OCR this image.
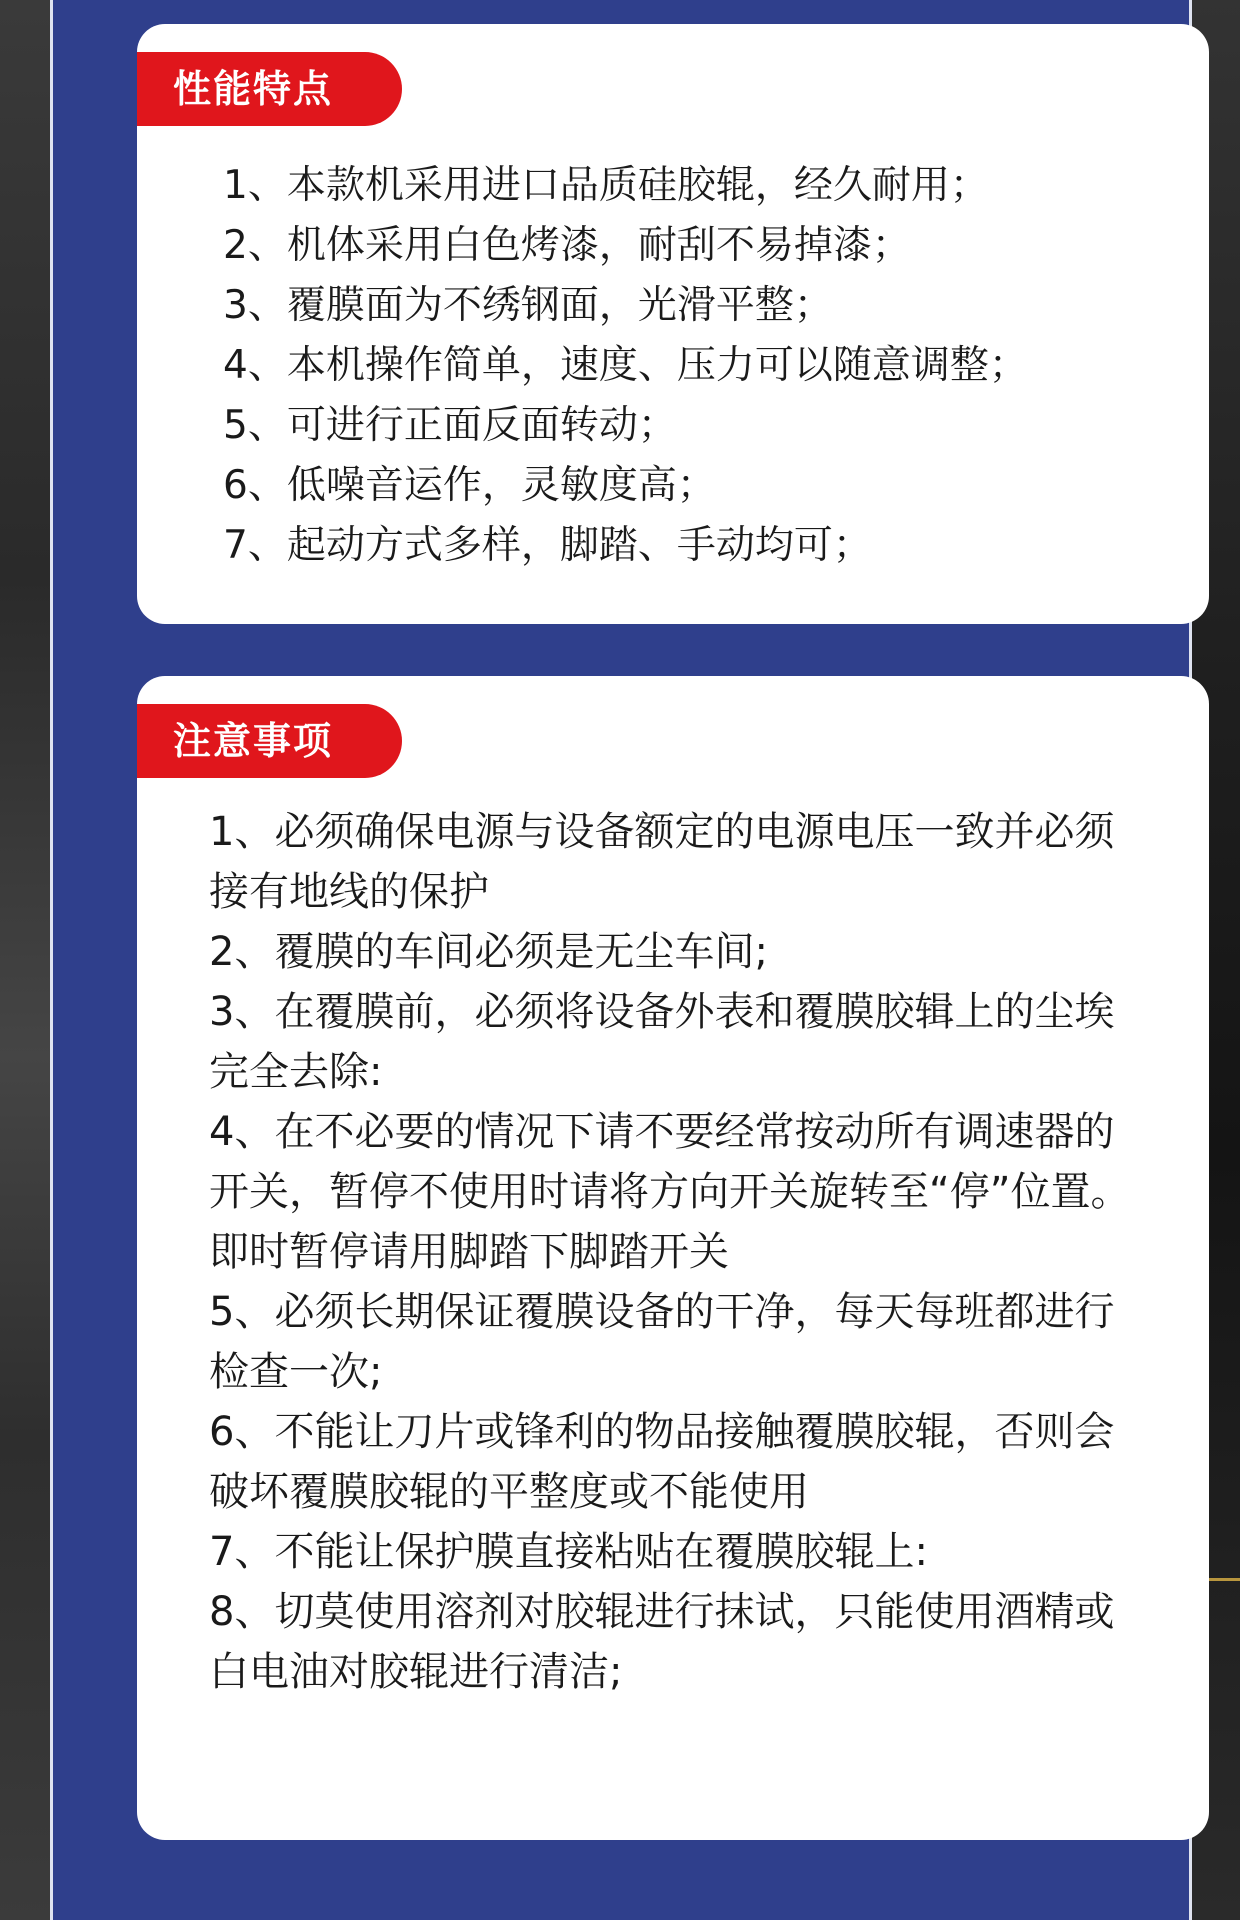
性能特点
1、本款机采用进口品质硅胶辊，经久耐用；
2、机体采用白色烤漆，耐刮不易掉漆；
3、覆膜面为不绣钢面，光滑平整；
4、本机操作简单，速度、压力可以随意调整；
5、可进行正面反面转动；
6、低噪音运作，灵敏度高；
7、起动方式多样，脚踏、手动均可；
注意事项
1、必须确保电源与设备额定的电源电压一致并必须接有地线的保护
2、覆膜的车间必须是无尘车间;
3、在覆膜前，必须将设备外表和覆膜胶辑上的尘埃完全去除:
4、在不必要的情况下请不要经常按动所有调速器的开关，暂停不使用时请将方向开关旋转至“停”位置。即时暂停请用脚踏下脚踏开关
5、必须长期保证覆膜设备的干净，每天每班都进行检查一次;
6、不能让刀片或锋利的物品接触覆膜胶辊，否则会破坏覆膜胶辊的平整度或不能使用
7、不能让保护膜直接粘贴在覆膜胶辊上:
8、切莫使用溶剂对胶辊进行抹试，只能使用酒精或白电油对胶辊进行清洁;
